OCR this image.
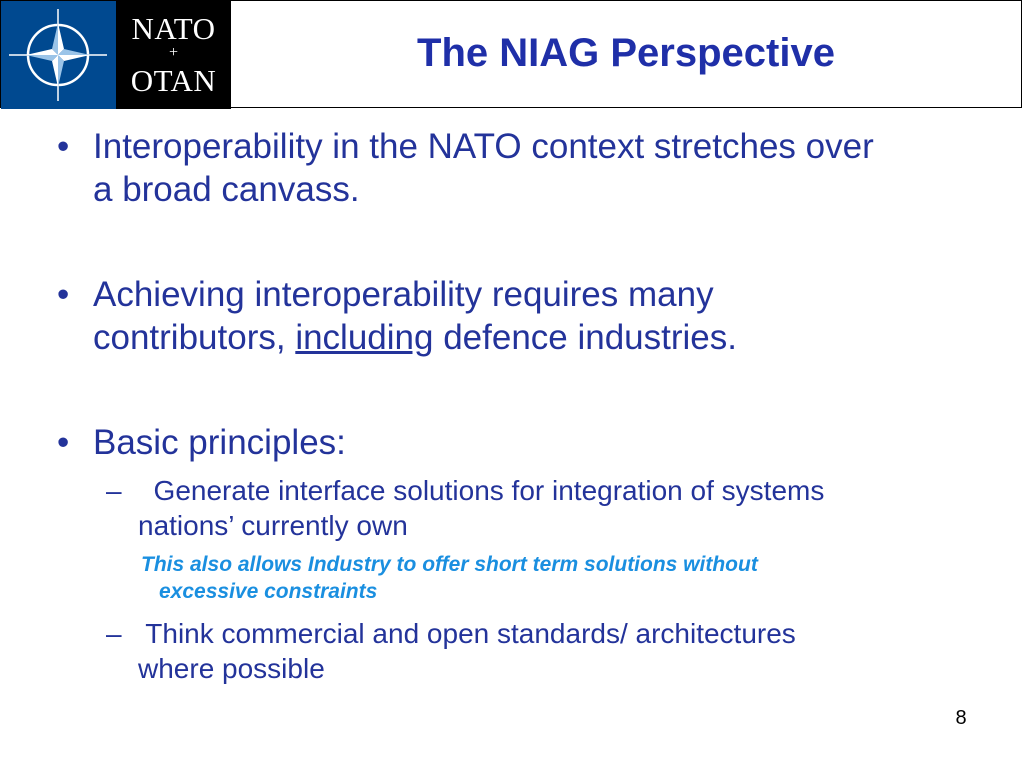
NATO
+
OTAN
The NIAG Perspective
• Interoperability in the NATO context stretches over
a broad canvass.
• Achieving interoperability requires many
contributors, including defence industries.
• Basic principles:
– Generate interface solutions for integration of systems
nations’ currently own
This also allows Industry to offer short term solutions without
excessive constraints
– Think commercial and open standards/ architectures
where possible
8
